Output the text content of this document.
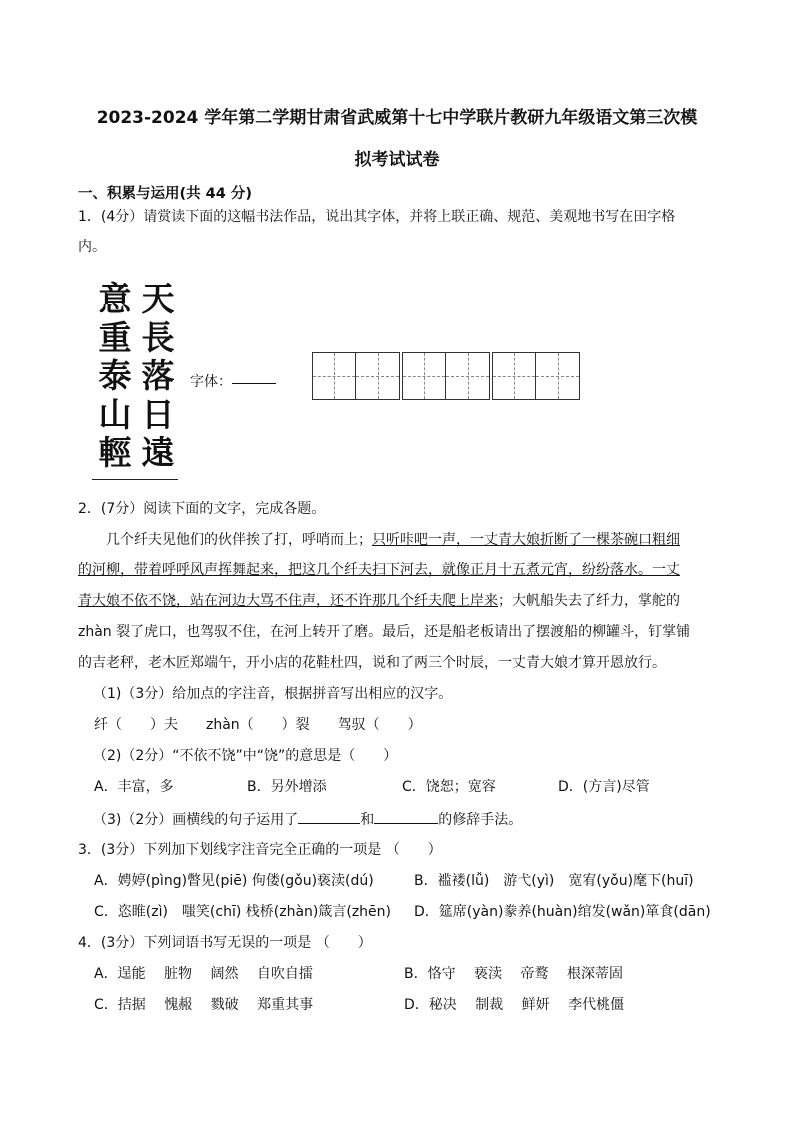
2023-2024 学年第二学期甘肃省武威第十七中学联片教研九年级语文第三次模
拟考试试卷
一、积累与运用(共 44 分)
1．(4分）请赏读下面的这幅书法作品，说出其字体，并将上联正确、规范、美观地书写在田字格
内。
意
重
泰
山
輕
天
長
落
日
遠
字体：
2．(7分）阅读下面的文字，完成各题。
几个纤夫见他们的伙伴挨了打，呼哨而上；只听咔吧一声，一丈青大娘折断了一棵茶碗口粗细
的河柳，带着呼呼风声挥舞起来，把这几个纤夫扫下河去，就像正月十五煮元宵，纷纷落水。一丈
青大娘不依不饶，站在河边大骂不住声，还不许那几个纤夫爬上岸来；大帆船失去了纤力，掌舵的
zhàn 裂了虎口，也驾驭不住，在河上转开了磨。最后，还是船老板请出了摆渡船的柳罐斗，钉掌铺
的吉老秤，老木匠郑端午，开小店的花鞋杜四，说和了两三个时辰，一丈青大娘才算开恩放行。
（1)（3分）给加点的字注音，根据拼音写出相应的汉字。
纤（　　）夫　　zhàn（　　）裂　　驾驭（　　）
（2)（2分）“不依不饶”中“饶”的意思是（　　）
A．丰富，多	B．另外增添	C．饶恕；宽容	D．(方言)尽管
（3)（2分）画横线的句子运用了	和	的修辞手法。
3．(3分）下列加下划线字注音完全正确的一项是 （　　）
A．娉婷(pìng)瞥见(piē) 佝偻(gǒu)亵渎(dú)	B．褴褛(lǚ)　游弋(yì)　宽宥(yǒu)麾下(huī)
C．恣睢(zì)　嗤笑(chī) 栈桥(zhàn)箴言(zhēn) D．筵席(yàn)豢养(huàn)绾发(wǎn)箪食(dān)
4．(3分）下列词语书写无误的一项是 （　　）
A．逞能　 脏物　 阔然　 自吹自擂	B．恪守　 亵渎　 帝鹜　 根深蒂固
C．拮据　 愧赧　 戮破　 郑重其事	D．秘决　 制裁　 鲜妍　 李代桃僵
